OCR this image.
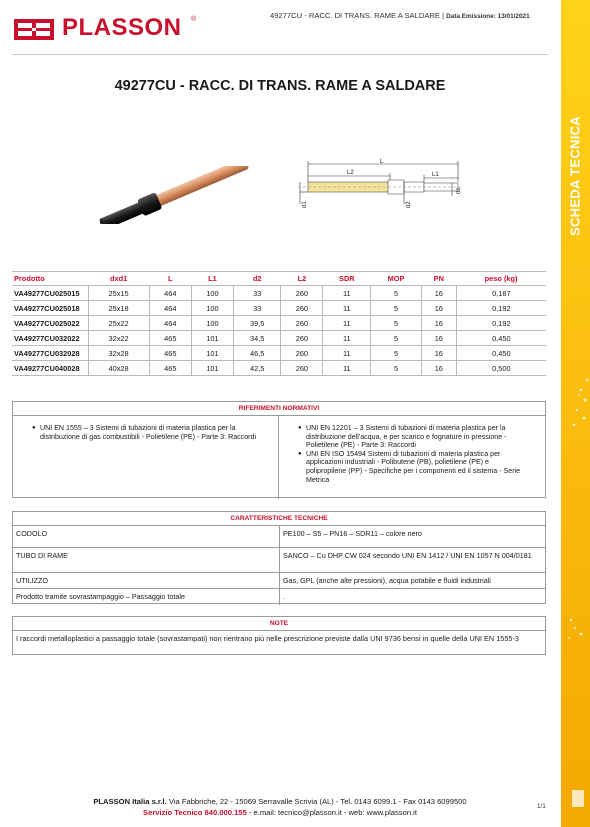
PLASSON ®	49277CU - RACC. DI TRANS. RAME A SALDARE | Data Emissione: 13/01/2021
49277CU - RACC. DI TRANS. RAME A SALDARE
SCHEDA TECNICA
L
L2	L1
d1	d2
dc
Prodotto	dxd1	L	L1	d2	L2	SDR	MOP	PN	peso (kg)
VA49277CU025015	25x15	464	100	33	260	11	5	16	0,187
VA49277CU025018	25x18	464	100	33	260	11	5	16	0,192
VA49277CU025022	25x22	464	100	39,5	260	11	5	16	0,192
VA49277CU032022	32x22	465	101	34,5	260	11	5	16	0,450
VA49277CU032028	32x28	465	101	46,5	260	11	5	16	0,450
VA49277CU040028	40x28	465	101	42,5	260	11	5	16	0,500
RIFERIMENTI NORMATIVI
● UNI EN 1555 – 3 Sistemi di tubazioni di materia plastica per la distribuzione di gas combustibili - Polietilene (PE) - Parte 3: Raccordi
● UNI EN 12201 – 3 Sistemi di tubazioni di materia plastica per la distribuzione dell'acqua, e per scarico e fognature in pressione - Polietilene (PE) - Parte 3: Raccordi
● UNI EN ISO 15494 Sistemi di tubazioni di materia plastica per applicazioni industriali - Polibutene (PB), polietilene (PE) e polipropilene (PP) - Specifiche per i componenti ed il sistema - Serie Metrica
CARATTERISTICHE TECNICHE
CODOLO	PE100 – S5 – PN16 – SDR11 – colore nero
TUBO DI RAME	SANCO – Cu DHP CW 024 secondo UNI EN 1412 / UNI EN 1057 N 004/0181
UTILIZZO	Gas, GPL (anche alte pressioni), acqua potabile e fluidi industriali
Prodotto tramite sovrastampaggio – Passaggio totale	.
NOTE
I raccordi metalloplastici a passaggio totale (sovrastampati) non rientrano più nelle prescrizione previste dalla UNI 9736 bensì in quelle della UNI EN 1555-3
PLASSON Italia s.r.l. Via Fabbriche, 22 - 15069 Serravalle Scrivia (AL) - Tel. 0143 6099.1 - Fax 0143 6099500
Servizio Tecnico 840.000.155 - e.mail: tecnico@plasson.it - web: www.plasson.it
1/1
